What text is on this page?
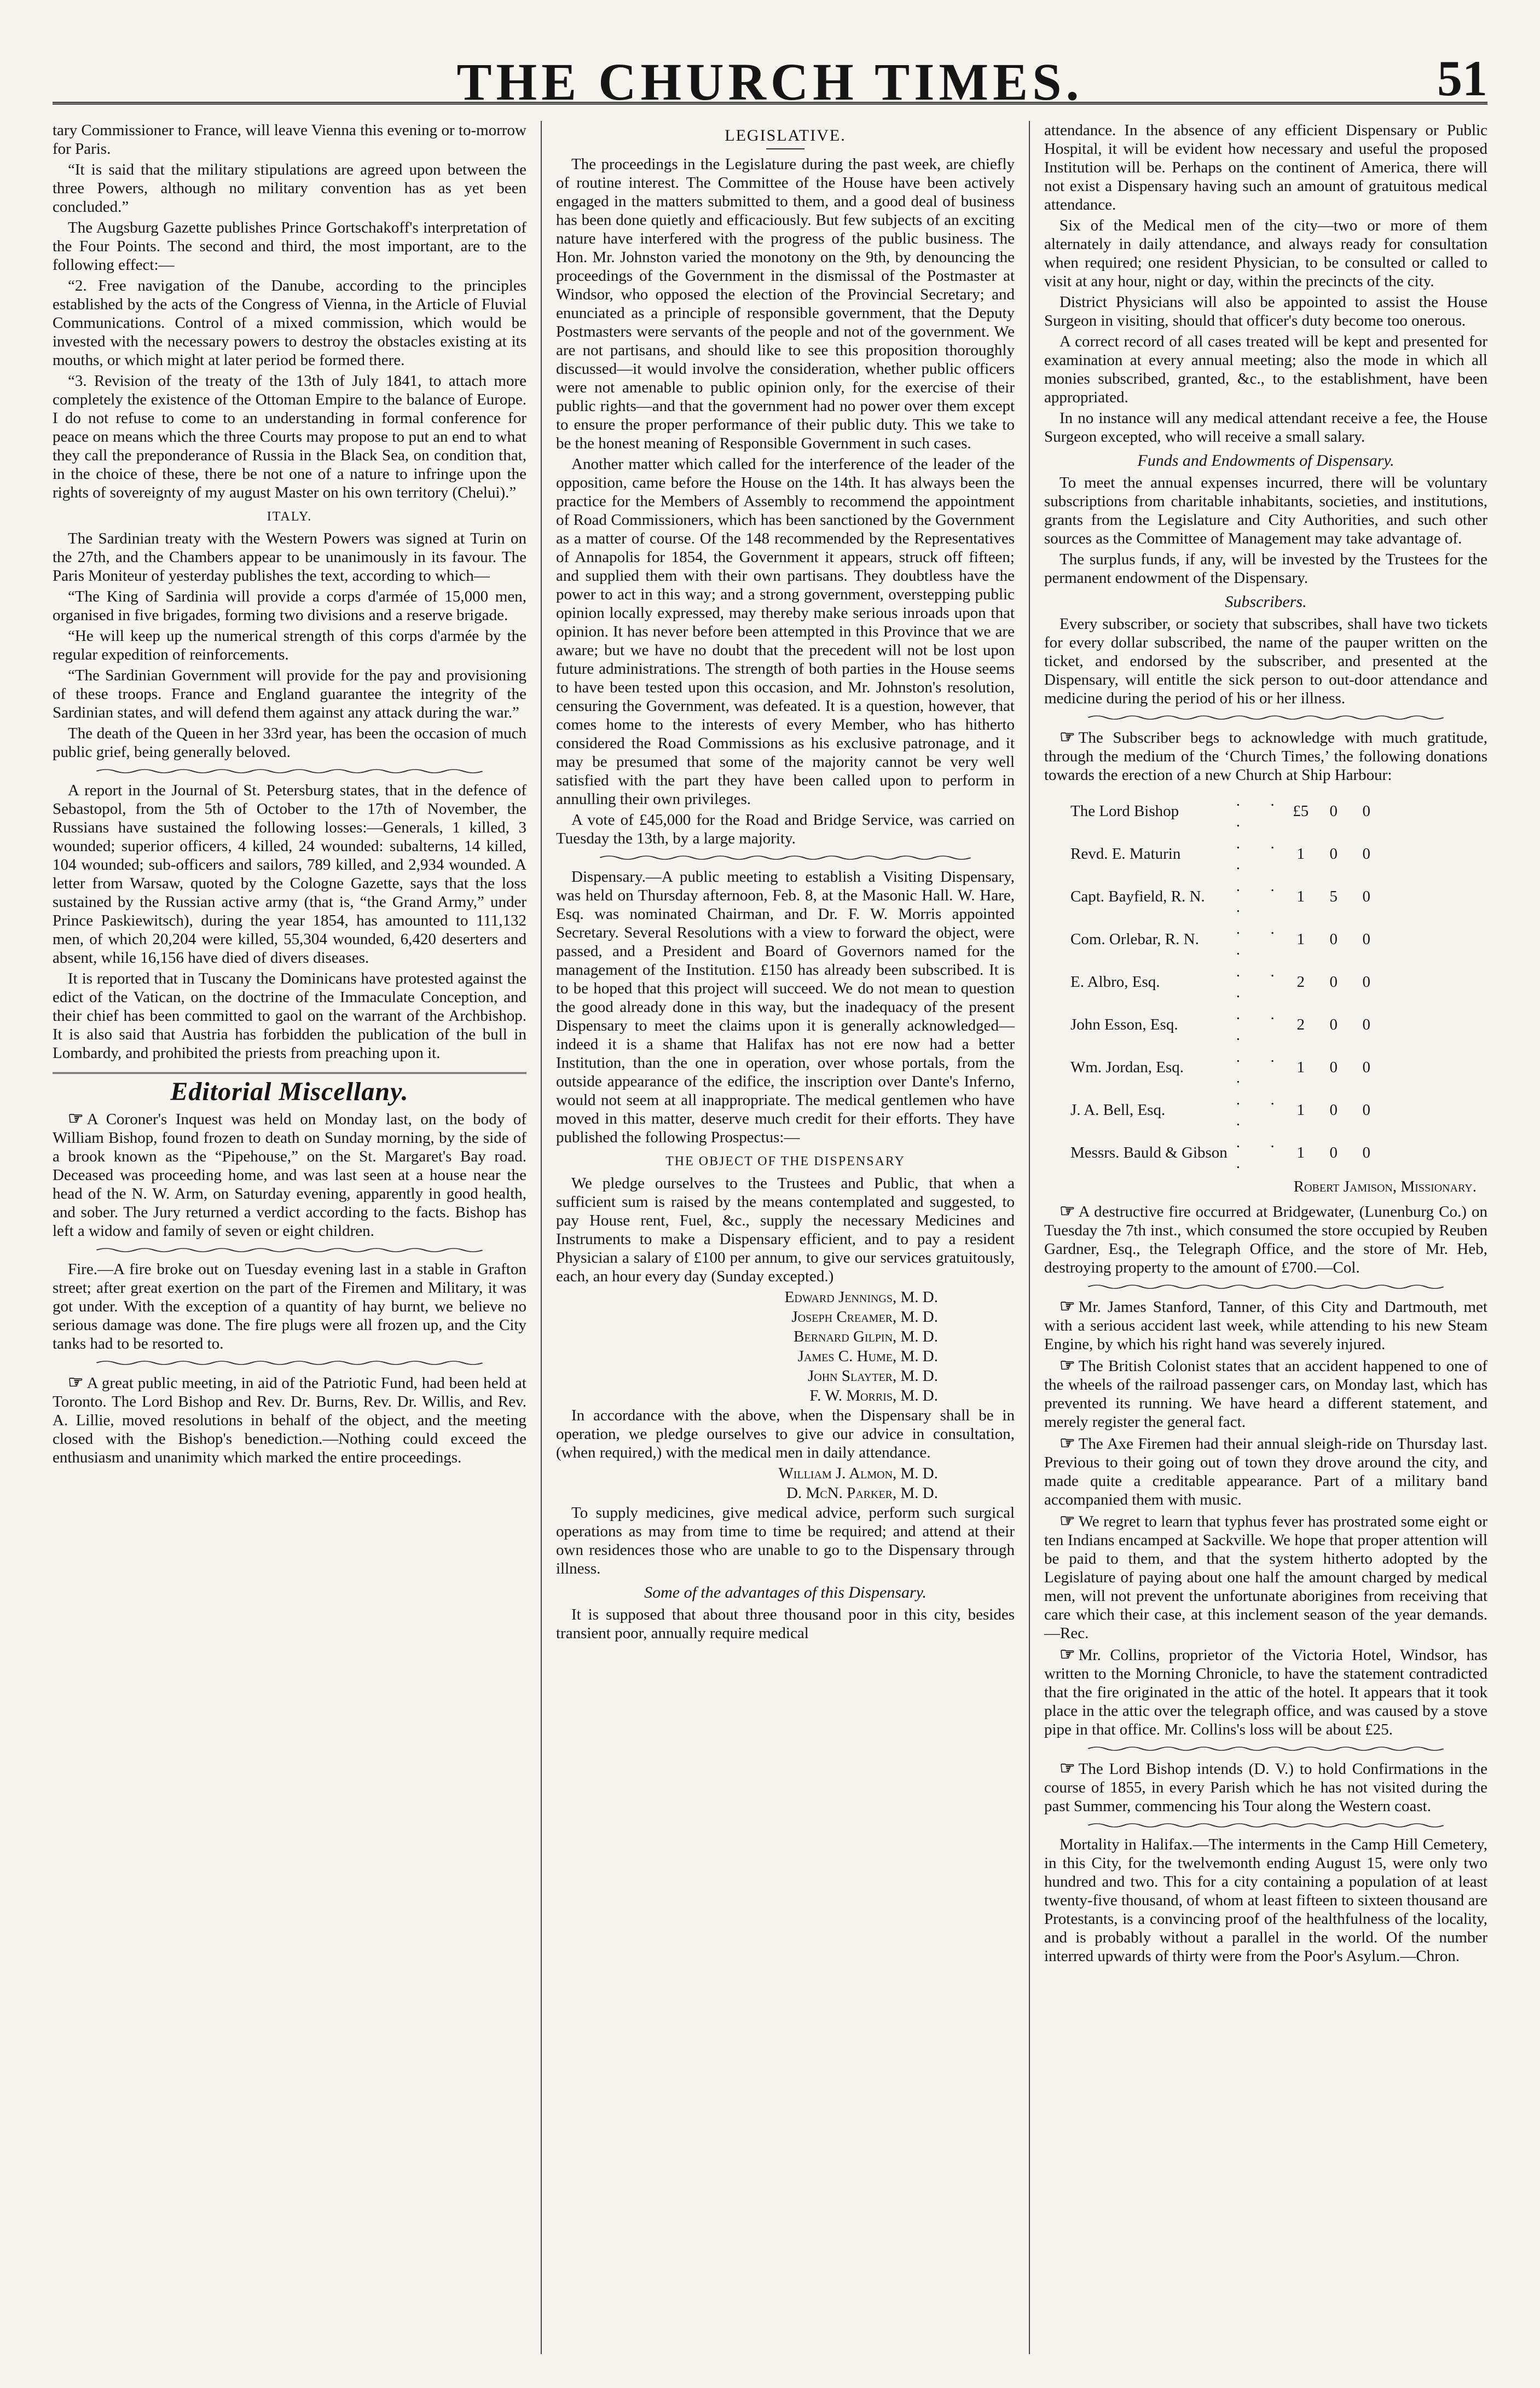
THE CHURCH TIMES.	51

tary Commissioner to France, will leave Vienna this evening or to-morrow for Paris.

“It is said that the military stipulations are agreed upon between the three Powers, although no military convention has as yet been concluded.”

The Augsburg Gazette publishes Prince Gortschakoff's interpretation of the Four Points. The second and third, the most important, are to the following effect:—

“2. Free navigation of the Danube, according to the principles established by the acts of the Congress of Vienna, in the Article of Fluvial Communications. Control of a mixed commission, which would be invested with the necessary powers to destroy the obstacles existing at its mouths, or which might at later period be formed there.

“3. Revision of the treaty of the 13th of July 1841, to attach more completely the existence of the Ottoman Empire to the balance of Europe. I do not refuse to come to an understanding in formal conference for peace on means which the three Courts may propose to put an end to what they call the preponderance of Russia in the Black Sea, on condition that, in the choice of these, there be not one of a nature to infringe upon the rights of sovereignty of my august Master on his own territory (Chelui).”

ITALY.

The Sardinian treaty with the Western Powers was signed at Turin on the 27th, and the Chambers appear to be unanimously in its favour. The Paris Moniteur of yesterday publishes the text, according to which—

“The King of Sardinia will provide a corps d'armée of 15,000 men, organised in five brigades, forming two divisions and a reserve brigade.

“He will keep up the numerical strength of this corps d'armée by the regular expedition of reinforcements.

“The Sardinian Government will provide for the pay and provisioning of these troops. France and England guarantee the integrity of the Sardinian states, and will defend them against any attack during the war.”

The death of the Queen in her 33rd year, has been the occasion of much public grief, being generally beloved.

A report in the Journal of St. Petersburg states, that in the defence of Sebastopol, from the 5th of October to the 17th of November, the Russians have sustained the following losses:—Generals, 1 killed, 3 wounded; superior officers, 4 killed, 24 wounded: subalterns, 14 killed, 104 wounded; sub-officers and sailors, 789 killed, and 2,934 wounded. A letter from Warsaw, quoted by the Cologne Gazette, says that the loss sustained by the Russian active army (that is, “the Grand Army,” under Prince Paskiewitsch), during the year 1854, has amounted to 111,132 men, of which 20,204 were killed, 55,304 wounded, 6,420 deserters and absent, while 16,156 have died of divers diseases.

It is reported that in Tuscany the Dominicans have protested against the edict of the Vatican, on the doctrine of the Immaculate Conception, and their chief has been committed to gaol on the warrant of the Archbishop. It is also said that Austria has forbidden the publication of the bull in Lombardy, and prohibited the priests from preaching upon it.

Editorial Miscellany.

☞ A Coroner's Inquest was held on Monday last, on the body of William Bishop, found frozen to death on Sunday morning, by the side of a brook known as the “Pipehouse,” on the St. Margaret's Bay road. Deceased was proceeding home, and was last seen at a house near the head of the N. W. Arm, on Saturday evening, apparently in good health, and sober. The Jury returned a verdict according to the facts. Bishop has left a widow and family of seven or eight children.

Fire.—A fire broke out on Tuesday evening last in a stable in Grafton street; after great exertion on the part of the Firemen and Military, it was got under. With the exception of a quantity of hay burnt, we believe no serious damage was done. The fire plugs were all frozen up, and the City tanks had to be resorted to.

☞ A great public meeting, in aid of the Patriotic Fund, had been held at Toronto. The Lord Bishop and Rev. Dr. Burns, Rev. Dr. Willis, and Rev. A. Lillie, moved resolutions in behalf of the object, and the meeting closed with the Bishop's benediction.—Nothing could exceed the enthusiasm and unanimity which marked the entire proceedings.

LEGISLATIVE.

The proceedings in the Legislature during the past week, are chiefly of routine interest. The Committee of the House have been actively engaged in the matters submitted to them, and a good deal of business has been done quietly and efficaciously. But few subjects of an exciting nature have interfered with the progress of the public business. The Hon. Mr. Johnston varied the monotony on the 9th, by denouncing the proceedings of the Government in the dismissal of the Postmaster at Windsor, who opposed the election of the Provincial Secretary; and enunciated as a principle of responsible government, that the Deputy Postmasters were servants of the people and not of the government. We are not partisans, and should like to see this proposition thoroughly discussed—it would involve the consideration, whether public officers were not amenable to public opinion only, for the exercise of their public rights—and that the government had no power over them except to ensure the proper performance of their public duty. This we take to be the honest meaning of Responsible Government in such cases.

Another matter which called for the interference of the leader of the opposition, came before the House on the 14th. It has always been the practice for the Members of Assembly to recommend the appointment of Road Commissioners, which has been sanctioned by the Government as a matter of course. Of the 148 recommended by the Representatives of Annapolis for 1854, the Government it appears, struck off fifteen; and supplied them with their own partisans. They doubtless have the power to act in this way; and a strong government, overstepping public opinion locally expressed, may thereby make serious inroads upon that opinion. It has never before been attempted in this Province that we are aware; but we have no doubt that the precedent will not be lost upon future administrations. The strength of both parties in the House seems to have been tested upon this occasion, and Mr. Johnston's resolution, censuring the Government, was defeated. It is a question, however, that comes home to the interests of every Member, who has hitherto considered the Road Commissions as his exclusive patronage, and it may be presumed that some of the majority cannot be very well satisfied with the part they have been called upon to perform in annulling their own privileges.

A vote of £45,000 for the Road and Bridge Service, was carried on Tuesday the 13th, by a large majority.

Dispensary.—A public meeting to establish a Visiting Dispensary, was held on Thursday afternoon, Feb. 8, at the Masonic Hall. W. Hare, Esq. was nominated Chairman, and Dr. F. W. Morris appointed Secretary. Several Resolutions with a view to forward the object, were passed, and a President and Board of Governors named for the management of the Institution. £150 has already been subscribed. It is to be hoped that this project will succeed. We do not mean to question the good already done in this way, but the inadequacy of the present Dispensary to meet the claims upon it is generally acknowledged—indeed it is a shame that Halifax has not ere now had a better Institution, than the one in operation, over whose portals, from the outside appearance of the edifice, the inscription over Dante's Inferno, would not seem at all inappropriate. The medical gentlemen who have moved in this matter, deserve much credit for their efforts. They have published the following Prospectus:—

THE OBJECT OF THE DISPENSARY

We pledge ourselves to the Trustees and Public, that when a sufficient sum is raised by the means contemplated and suggested, to pay House rent, Fuel, &c., supply the necessary Medicines and Instruments to make a Dispensary efficient, and to pay a resident Physician a salary of £100 per annum, to give our services gratuitously, each, an hour every day (Sunday excepted.)

Edward Jennings, M. D.
Joseph Creamer, M. D.
Bernard Gilpin, M. D.
James C. Hume, M. D.
John Slayter, M. D.
F. W. Morris, M. D.

In accordance with the above, when the Dispensary shall be in operation, we pledge ourselves to give our advice in consultation, (when required,) with the medical men in daily attendance.

William J. Almon, M. D.
D. McN. Parker, M. D.

To supply medicines, give medical advice, perform such surgical operations as may from time to time be required; and attend at their own residences those who are unable to go to the Dispensary through illness.

Some of the advantages of this Dispensary.

It is supposed that about three thousand poor in this city, besides transient poor, annually require medical

attendance. In the absence of any efficient Dispensary or Public Hospital, it will be evident how necessary and useful the proposed Institution will be. Perhaps on the continent of America, there will not exist a Dispensary having such an amount of gratuitous medical attendance.

Six of the Medical men of the city—two or more of them alternately in daily attendance, and always ready for consultation when required; one resident Physician, to be consulted or called to visit at any hour, night or day, within the precincts of the city.

District Physicians will also be appointed to assist the House Surgeon in visiting, should that officer's duty become too onerous.

A correct record of all cases treated will be kept and presented for examination at every annual meeting; also the mode in which all monies subscribed, granted, &c., to the establishment, have been appropriated.

In no instance will any medical attendant receive a fee, the House Surgeon excepted, who will receive a small salary.

Funds and Endowments of Dispensary.

To meet the annual expenses incurred, there will be voluntary subscriptions from charitable inhabitants, societies, and institutions, grants from the Legislature and City Authorities, and such other sources as the Committee of Management may take advantage of.

The surplus funds, if any, will be invested by the Trustees for the permanent endowment of the Dispensary.

Subscribers.

Every subscriber, or society that subscribes, shall have two tickets for every dollar subscribed, the name of the pauper written on the ticket, and endorsed by the subscriber, and presented at the Dispensary, will entitle the sick person to out-door attendance and medicine during the period of his or her illness.

☞ The Subscriber begs to acknowledge with much gratitude, through the medium of the ‘Church Times,’ the following donations towards the erection of a new Church at Ship Harbour:

The Lord Bishop	. . .	£5	0	0
Revd. E. Maturin	. . .	1	0	0
Capt. Bayfield, R. N.	. . .	1	5	0
Com. Orlebar, R. N.	. . .	1	0	0
E. Albro, Esq.	. . .	2	0	0
John Esson, Esq.	. . .	2	0	0
Wm. Jordan, Esq.	. . .	1	0	0
J. A. Bell, Esq.	. . .	1	0	0
Messrs. Bauld & Gibson	. . .	1	0	0
Robert Jamison, Missionary.

☞ A destructive fire occurred at Bridgewater, (Lunenburg Co.) on Tuesday the 7th inst., which consumed the store occupied by Reuben Gardner, Esq., the Telegraph Office, and the store of Mr. Heb, destroying property to the amount of £700.—Col.

☞ Mr. James Stanford, Tanner, of this City and Dartmouth, met with a serious accident last week, while attending to his new Steam Engine, by which his right hand was severely injured.

☞ The British Colonist states that an accident happened to one of the wheels of the railroad passenger cars, on Monday last, which has prevented its running. We have heard a different statement, and merely register the general fact.

☞ The Axe Firemen had their annual sleigh-ride on Thursday last. Previous to their going out of town they drove around the city, and made quite a creditable appearance. Part of a military band accompanied them with music.

☞ We regret to learn that typhus fever has prostrated some eight or ten Indians encamped at Sackville. We hope that proper attention will be paid to them, and that the system hitherto adopted by the Legislature of paying about one half the amount charged by medical men, will not prevent the unfortunate aborigines from receiving that care which their case, at this inclement season of the year demands.—Rec.

☞ Mr. Collins, proprietor of the Victoria Hotel, Windsor, has written to the Morning Chronicle, to have the statement contradicted that the fire originated in the attic of the hotel. It appears that it took place in the attic over the telegraph office, and was caused by a stove pipe in that office. Mr. Collins's loss will be about £25.

☞ The Lord Bishop intends (D. V.) to hold Confirmations in the course of 1855, in every Parish which he has not visited during the past Summer, commencing his Tour along the Western coast.

Mortality in Halifax.—The interments in the Camp Hill Cemetery, in this City, for the twelvemonth ending August 15, were only two hundred and two. This for a city containing a population of at least twenty-five thousand, of whom at least fifteen to sixteen thousand are Protestants, is a convincing proof of the healthfulness of the locality, and is probably without a parallel in the world. Of the number interred upwards of thirty were from the Poor's Asylum.—Chron.
